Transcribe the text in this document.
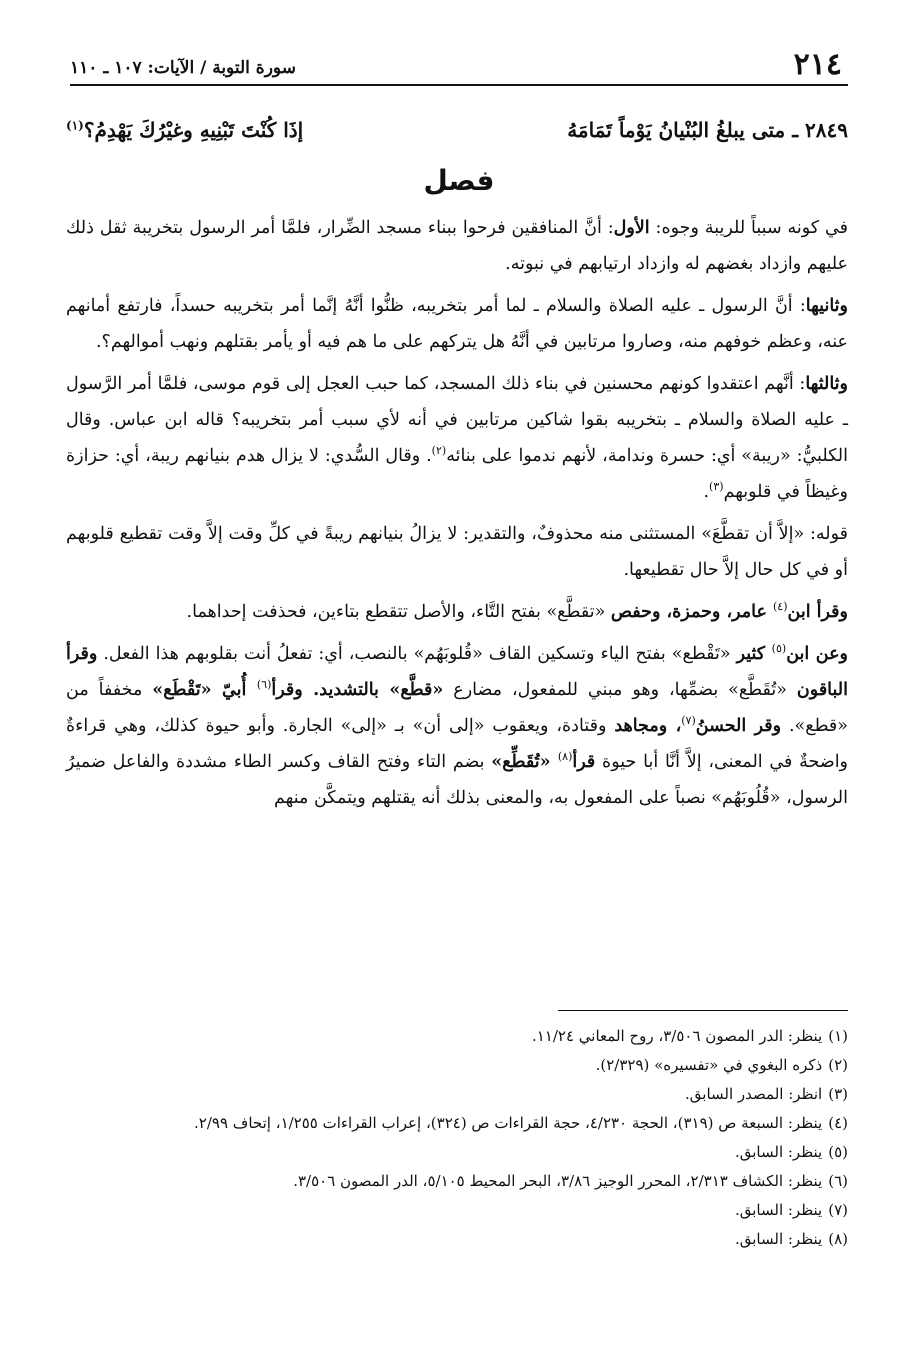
٢١٤
سورة التوبة / الآيات: ١٠٧ ـ ١١٠
٢٨٤٩ ـ متى يبلغُ البُنْيانُ يَوْماً تَمَامَهُ
إذَا كُنْتَ تَبْنِيهِ وغيْرُكَ يَهْدِمُ؟$^{(١)}$
فصل

في كونه سبباً للريبة وجوه: الأول: أنَّ المنافقين فرحوا ببناء مسجد الضِّرار، فلمَّا أمر الرسول بتخريبة ثقل ذلك عليهم وازداد بغضهم له وازداد ارتيابهم في نبوته.

وثانيها: أنَّ الرسول ـ عليه الصلاة والسلام ـ لما أمر بتخريبه، ظنُّوا أنَّهُ إنَّما أمر بتخريبه حسداً، فارتفع أمانهم عنه، وعظم خوفهم منه، وصاروا مرتابين في أنَّهُ هل يتركهم على ما هم فيه أو يأمر بقتلهم ونهب أموالهم؟.

وثالثها: أنَّهم اعتقدوا كونهم محسنين في بناء ذلك المسجد، كما حبب العجل إلى قوم موسى، فلمَّا أمر الرَّسول ـ عليه الصلاة والسلام ـ بتخريبه بقوا شاكين مرتابين في أنه لأي سبب أمر بتخريبه؟ قاله ابن عباس. وقال الكلبيُّ: «ريبة» أي: حسرة وندامة، لأنهم ندموا على بنائه$^{(٢)}$. وقال السُّدي: لا يزال هدم بنيانهم ريبة، أي: حزازة وغيظاً في قلوبهم$^{(٣)}$.

قوله: «إلاَّ أن تقطَّعَ» المستثنى منه محذوفٌ، والتقدير: لا يزالُ بنيانهم ريبةً في كلِّ وقت إلاَّ وقت تقطيع قلوبهم أو في كل حال إلاَّ حال تقطيعها.

وقرأ ابن$^{(٤)}$ عامر، وحمزة، وحفص «تقطَّع» بفتح التَّاء، والأصل تتقطع بتاءين، فحذفت إحداهما.

وعن ابن$^{(٥)}$ كثير «تَقْطع» بفتح الياء وتسكين القاف «قُلوبَهُم» بالنصب، أي: تفعلُ أنت بقلوبهم هذا الفعل. وقرأ الباقون «تُقَطَّع» بضمِّها، وهو مبني للمفعول، مضارع «قطَّع» بالتشديد. وقرأ$^{(٦)}$ أُبيّ «تَقْطَع» مخففاً من «قطع». وقر الحسنُ$^{(٧)}$، ومجاهد وقتادة، ويعقوب «إلى أن» بـ «إلى» الجارة. وأبو حيوة كذلك، وهي قراءةٌ واضحةٌ في المعنى، إلاَّ أنَّا أبا حيوة قرأ$^{(٨)}$ «تُقَطِّع» بضم التاء وفتح القاف وكسر الطاء مشددة والفاعل ضميرُ الرسول، «قُلُوبَهُم» نصباً على المفعول به، والمعنى بذلك أنه يقتلهم ويتمكَّن منهم

(١)ينظر: الدر المصون ٣/٥٠٦، روح المعاني ١١/٢٤.

(٢)ذكره البغوي في «تفسيره» (٢/٣٢٩).

(٣)انظر: المصدر السابق.

(٤)ينظر: السبعة ص (٣١٩)، الحجة ٤/٢٣٠، حجة القراءات ص (٣٢٤)، إعراب القراءات ١/٢٥٥، إتحاف ٢/٩٩.

(٥)ينظر: السابق.

(٦)ينظر: الكشاف ٢/٣١٣، المحرر الوجيز ٣/٨٦، البحر المحيط ٥/١٠٥، الدر المصون ٣/٥٠٦.

(٧)ينظر: السابق.

(٨)ينظر: السابق.
